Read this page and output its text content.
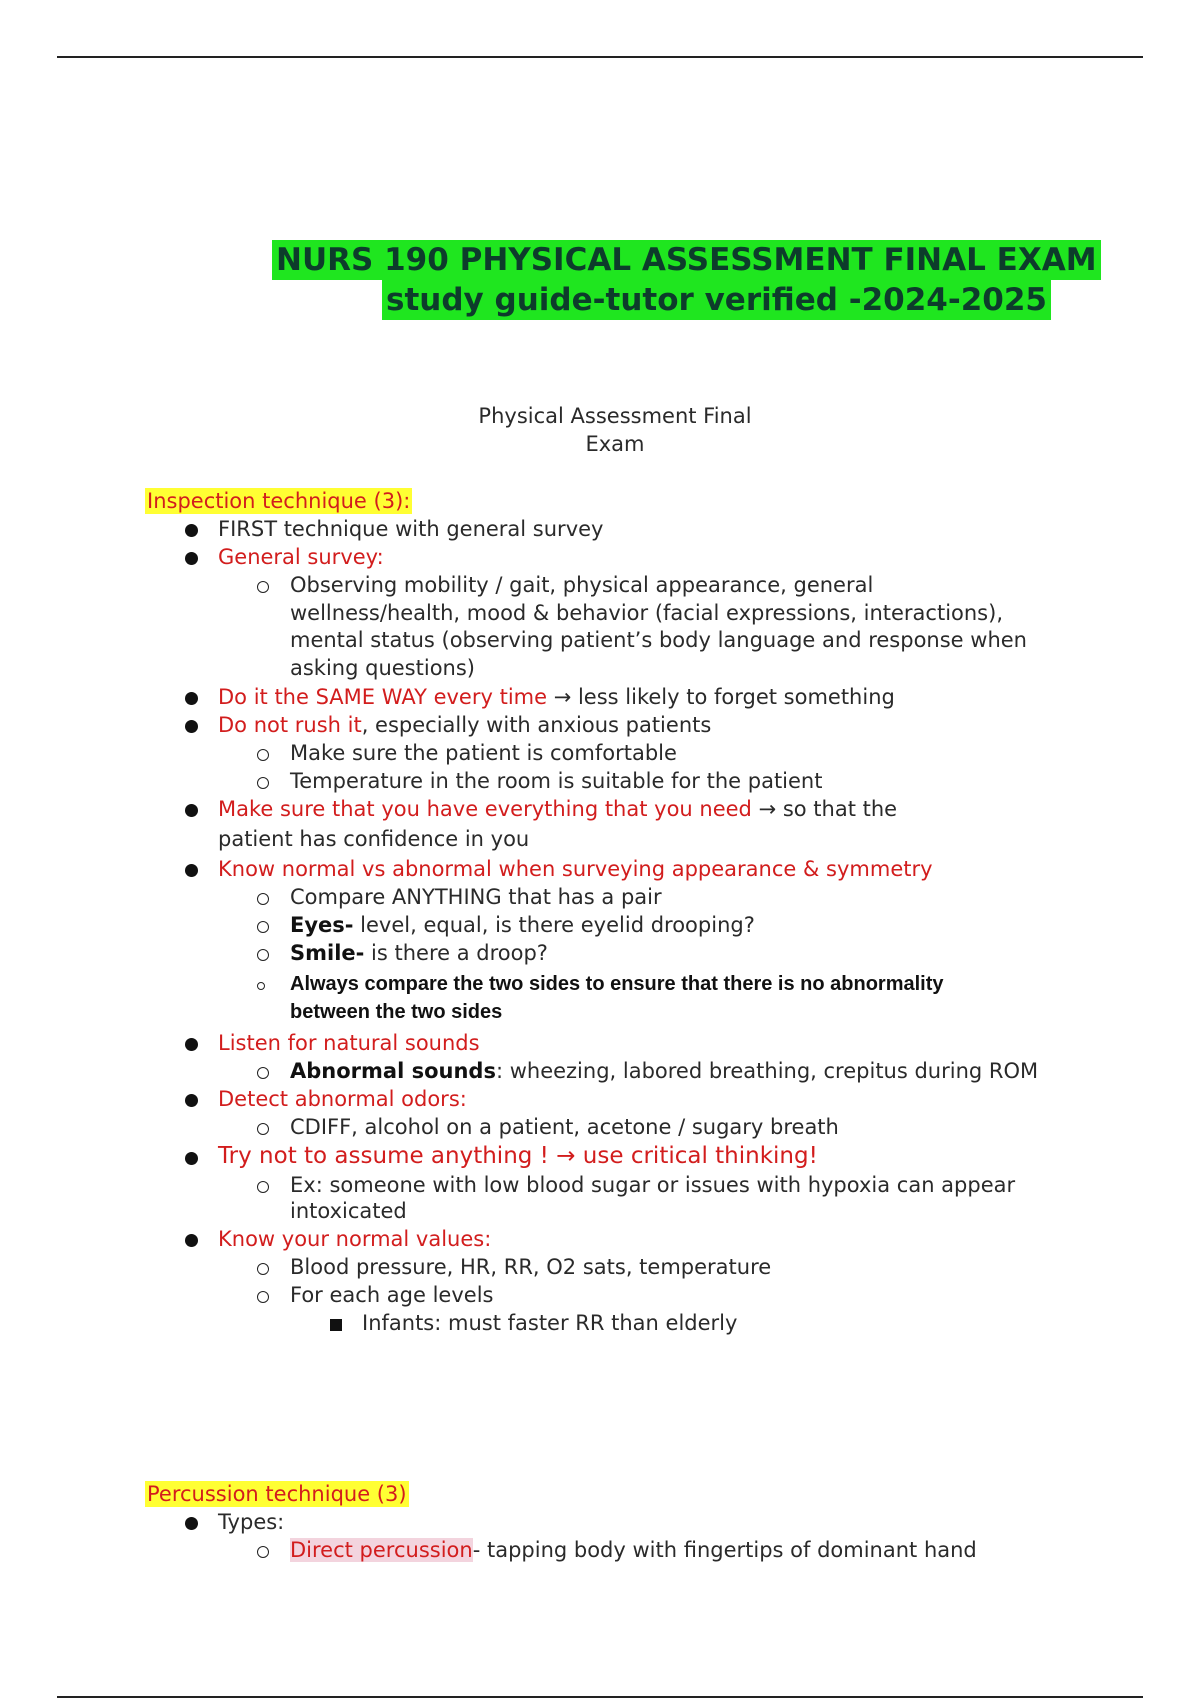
NURS 190 PHYSICAL ASSESSMENT FINAL EXAM
study guide-tutor verified -2024-2025
Physical Assessment Final
Exam
Inspection technique (3):
FIRST technique with general survey
General survey:
Observing mobility / gait, physical appearance, general
wellness/health, mood & behavior (facial expressions, interactions),
mental status (observing patient’s body language and response when
asking questions)
Do it the SAME WAY every time → less likely to forget something
Do not rush it, especially with anxious patients
Make sure the patient is comfortable
Temperature in the room is suitable for the patient
Make sure that you have everything that you need → so that the
patient has confidence in you
Know normal vs abnormal when surveying appearance & symmetry
Compare ANYTHING that has a pair
Eyes- level, equal, is there eyelid drooping?
Smile- is there a droop?
Always compare the two sides to ensure that there is no abnormality
between the two sides
Listen for natural sounds
Abnormal sounds: wheezing, labored breathing, crepitus during ROM
Detect abnormal odors:
CDIFF, alcohol on a patient, acetone / sugary breath
Try not to assume anything ! → use critical thinking!
Ex: someone with low blood sugar or issues with hypoxia can appear
intoxicated
Know your normal values:
Blood pressure, HR, RR, O2 sats, temperature
For each age levels
Infants: must faster RR than elderly
Percussion technique (3)
Types:
Direct percussion- tapping body with fingertips of dominant hand
